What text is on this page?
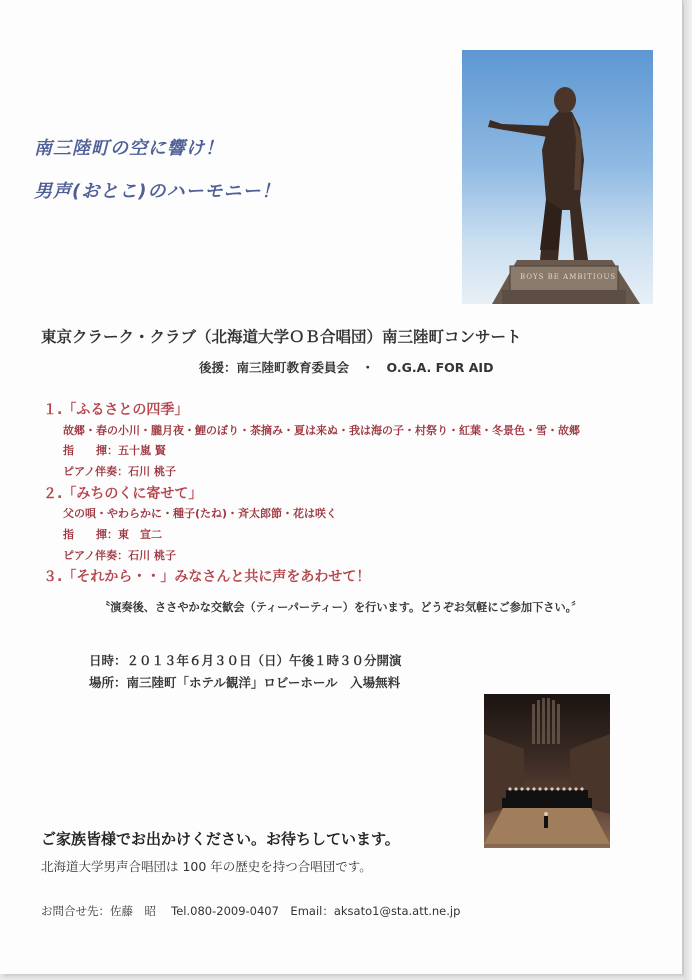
南三陸町の空に響け！
男声(おとこ)のハーモニー！
BOYS BE AMBITIOUS
東京クラーク・クラブ（北海道大学ＯＢ合唱団）南三陸町コンサート
後援：南三陸町教育委員会　・　O.G.A. FOR AID
１.「ふるさとの四季」
故郷・春の小川・朧月夜・鯉のぼり・茶摘み・夏は来ぬ・我は海の子・村祭り・紅葉・冬景色・雪・故郷
指　　揮：五十嵐 賢
ピアノ伴奏：石川 桃子
２.「みちのくに寄せて」
父の唄・やわらかに・種子(たね)・斉太郎節・花は咲く
指　　揮：東　宣二
ピアノ伴奏：石川 桃子
３.「それから・・」みなさんと共に声をあわせて！
〝演奏後、ささやかな交歓会（ティーパーティー）を行います。どうぞお気軽にご参加下さい。〞
日時：２０１３年６月３０日（日）午後１時３０分開演
場所：南三陸町「ホテル観洋」ロビーホール　入場無料
ご家族皆様でお出かけください。お待ちしています。
北海道大学男声合唱団は 100 年の歴史を持つ合唱団です。
お問合せ先：佐藤　昭　 Tel.080-2009-0407　Email：aksato1@sta.att.ne.jp
